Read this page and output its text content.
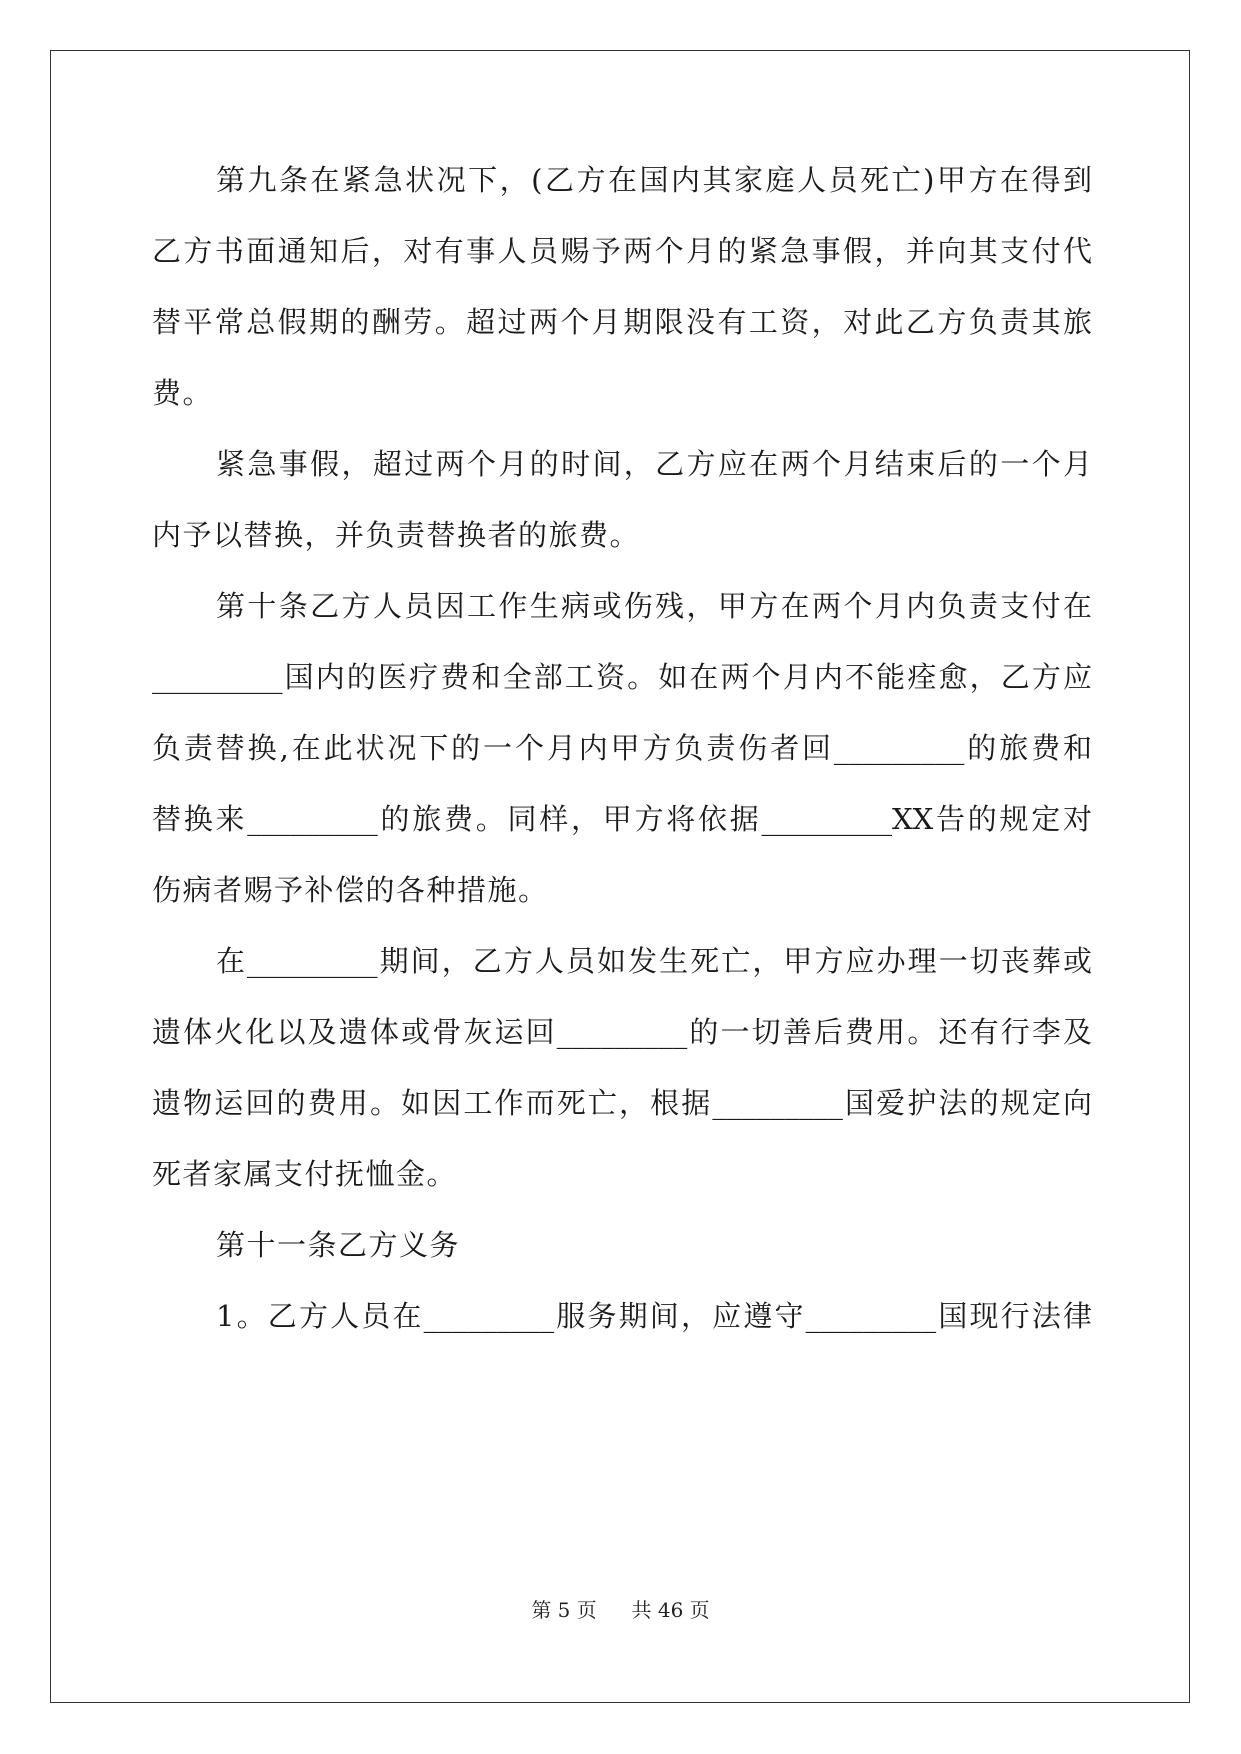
第九条在紧急状况下，(乙方在国内其家庭人员死亡)甲方在得到
乙方书面通知后，对有事人员赐予两个月的紧急事假，并向其支付代
替平常总假期的酬劳。超过两个月期限没有工资，对此乙方负责其旅
费。
紧急事假，超过两个月的时间，乙方应在两个月结束后的一个月
内予以替换，并负责替换者的旅费。
第十条乙方人员因工作生病或伤残，甲方在两个月内负责支付在
_________国内的医疗费和全部工资。如在两个月内不能痊愈，乙方应
负责替换,在此状况下的一个月内甲方负责伤者回_________的旅费和
替换来_________的旅费。同样，甲方将依据_________XX告的规定对
伤病者赐予补偿的各种措施。
在_________期间，乙方人员如发生死亡，甲方应办理一切丧葬或
遗体火化以及遗体或骨灰运回_________的一切善后费用。还有行李及
遗物运回的费用。如因工作而死亡，根据_________国爱护法的规定向
死者家属支付抚恤金。
第十一条乙方义务
1。乙方人员在_________服务期间，应遵守_________国现行法律
第 5 页 共 46 页
